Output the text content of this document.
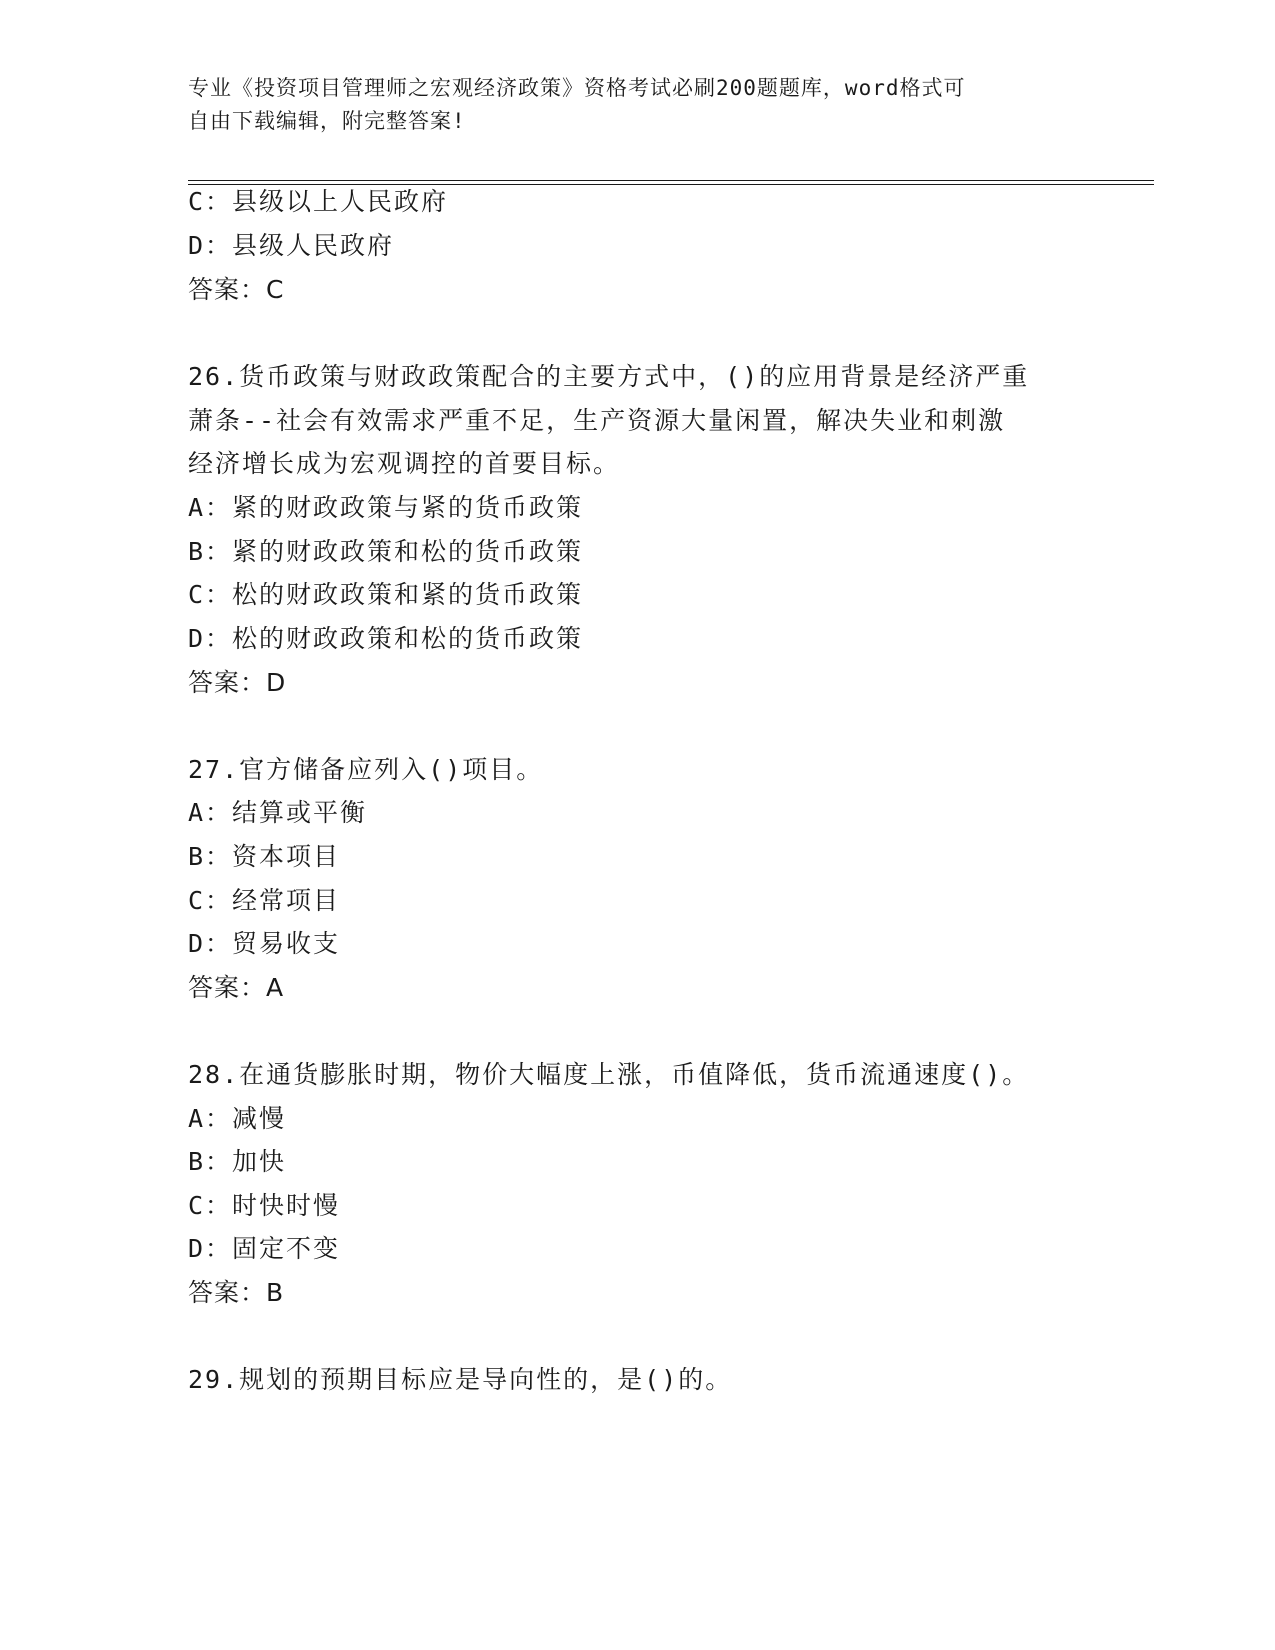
专业《投资项目管理师之宏观经济政策》资格考试必刷200题题库，word格式可
自由下载编辑，附完整答案!
C：县级以上人民政府
D：县级人民政府
答案：C
26.货币政策与财政政策配合的主要方式中，()的应用背景是经济严重
萧条--社会有效需求严重不足，生产资源大量闲置，解决失业和刺激
经济增长成为宏观调控的首要目标。
A：紧的财政政策与紧的货币政策
B：紧的财政政策和松的货币政策
C：松的财政政策和紧的货币政策
D：松的财政政策和松的货币政策
答案：D
27.官方储备应列入()项目。
A：结算或平衡
B：资本项目
C：经常项目
D：贸易收支
答案：A
28.在通货膨胀时期，物价大幅度上涨，币值降低，货币流通速度()。
A：减慢
B：加快
C：时快时慢
D：固定不变
答案：B
29.规划的预期目标应是导向性的，是()的。
